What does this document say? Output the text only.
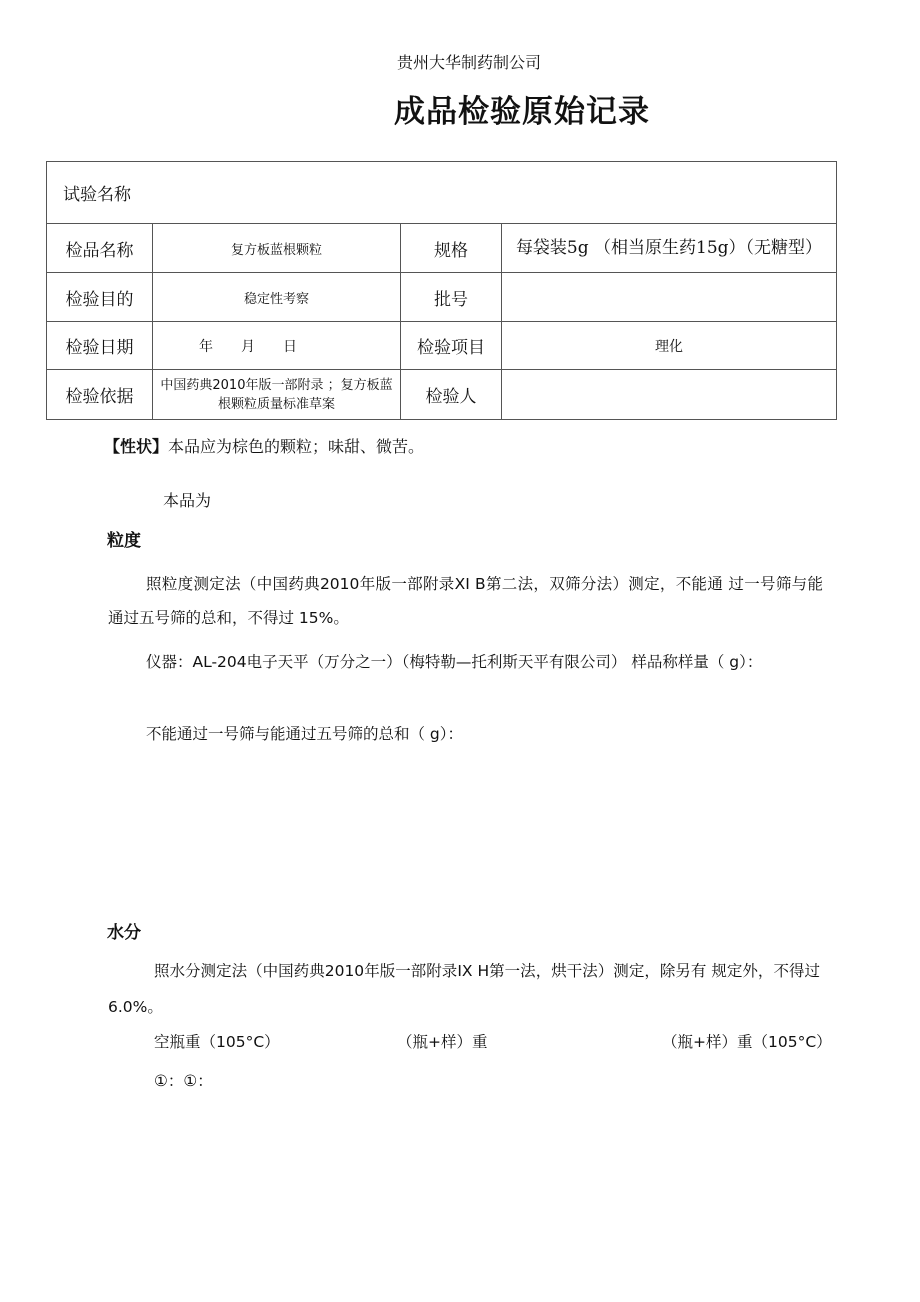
贵州大华制药制公司
成品检验原始记录
试验名称			
检品名称	复方板蓝根颗粒	规格	每袋装5g （相当原生药15g）（无糖型）
检验目的	稳定性考察	批号	
检验日期	年　　月　　日	检验项目	理化
检验依据	中国药典2010年版一部附录 ；复方板蓝根颗粒质量标准草案	检验人	
【性状】本品应为棕色的颗粒；味甜、微苦。
本品为
粒度
照粒度测定法（中国药典2010年版一部附录XI B第二法，双筛分法）测定，不能通 过一号筛与能通过五号筛的总和，不得过 15%。
仪器：AL-204电子天平（万分之一）（梅特勒—托利斯天平有限公司） 样品称样量（ g）：
不能通过一号筛与能通过五号筛的总和（ g）：
水分
照水分测定法（中国药典2010年版一部附录IX H第一法，烘干法）测定，除另有 规定外，不得过 6.0%。
空瓶重（105°C）	（瓶+样）重	（瓶+样）重（105°C）
①：①：
